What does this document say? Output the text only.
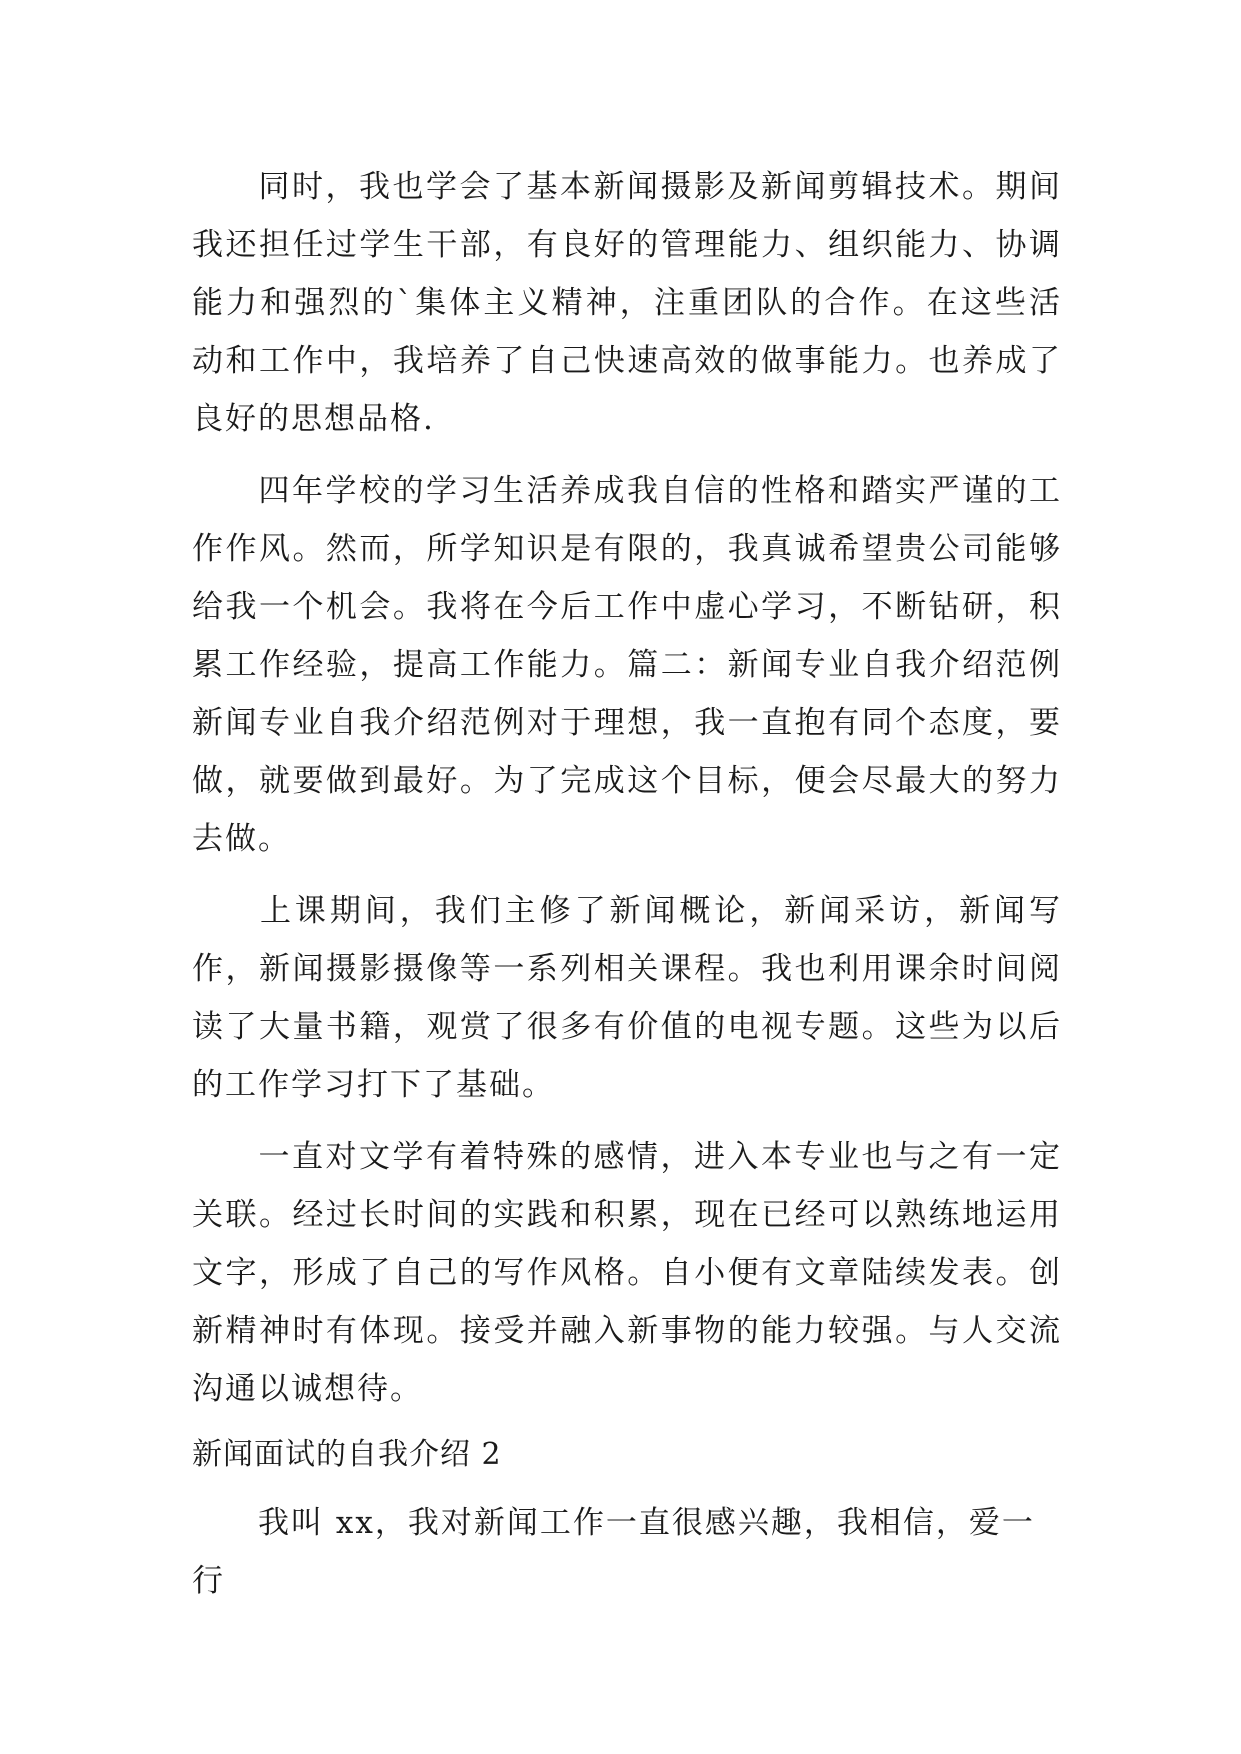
同时，我也学会了基本新闻摄影及新闻剪辑技术。期间我还担任过学生干部，有良好的管理能力、组织能力、协调能力和强烈的`集体主义精神，注重团队的合作。在这些活动和工作中，我培养了自己快速高效的做事能力。也养成了良好的思想品格.

四年学校的学习生活养成我自信的性格和踏实严谨的工作作风。然而，所学知识是有限的，我真诚希望贵公司能够给我一个机会。我将在今后工作中虚心学习，不断钻研，积累工作经验，提高工作能力。篇二：新闻专业自我介绍范例 新闻专业自我介绍范例对于理想，我一直抱有同个态度，要做，就要做到最好。为了完成这个目标，便会尽最大的努力去做。

上课期间，我们主修了新闻概论，新闻采访，新闻写作，新闻摄影摄像等一系列相关课程。我也利用课余时间阅读了大量书籍，观赏了很多有价值的电视专题。这些为以后的工作学习打下了基础。

一直对文学有着特殊的感情，进入本专业也与之有一定关联。经过长时间的实践和积累，现在已经可以熟练地运用文字，形成了自己的写作风格。自小便有文章陆续发表。创新精神时有体现。接受并融入新事物的能力较强。与人交流沟通以诚想待。

新闻面试的自我介绍 2

我叫 xx，我对新闻工作一直很感兴趣，我相信，爱一行
